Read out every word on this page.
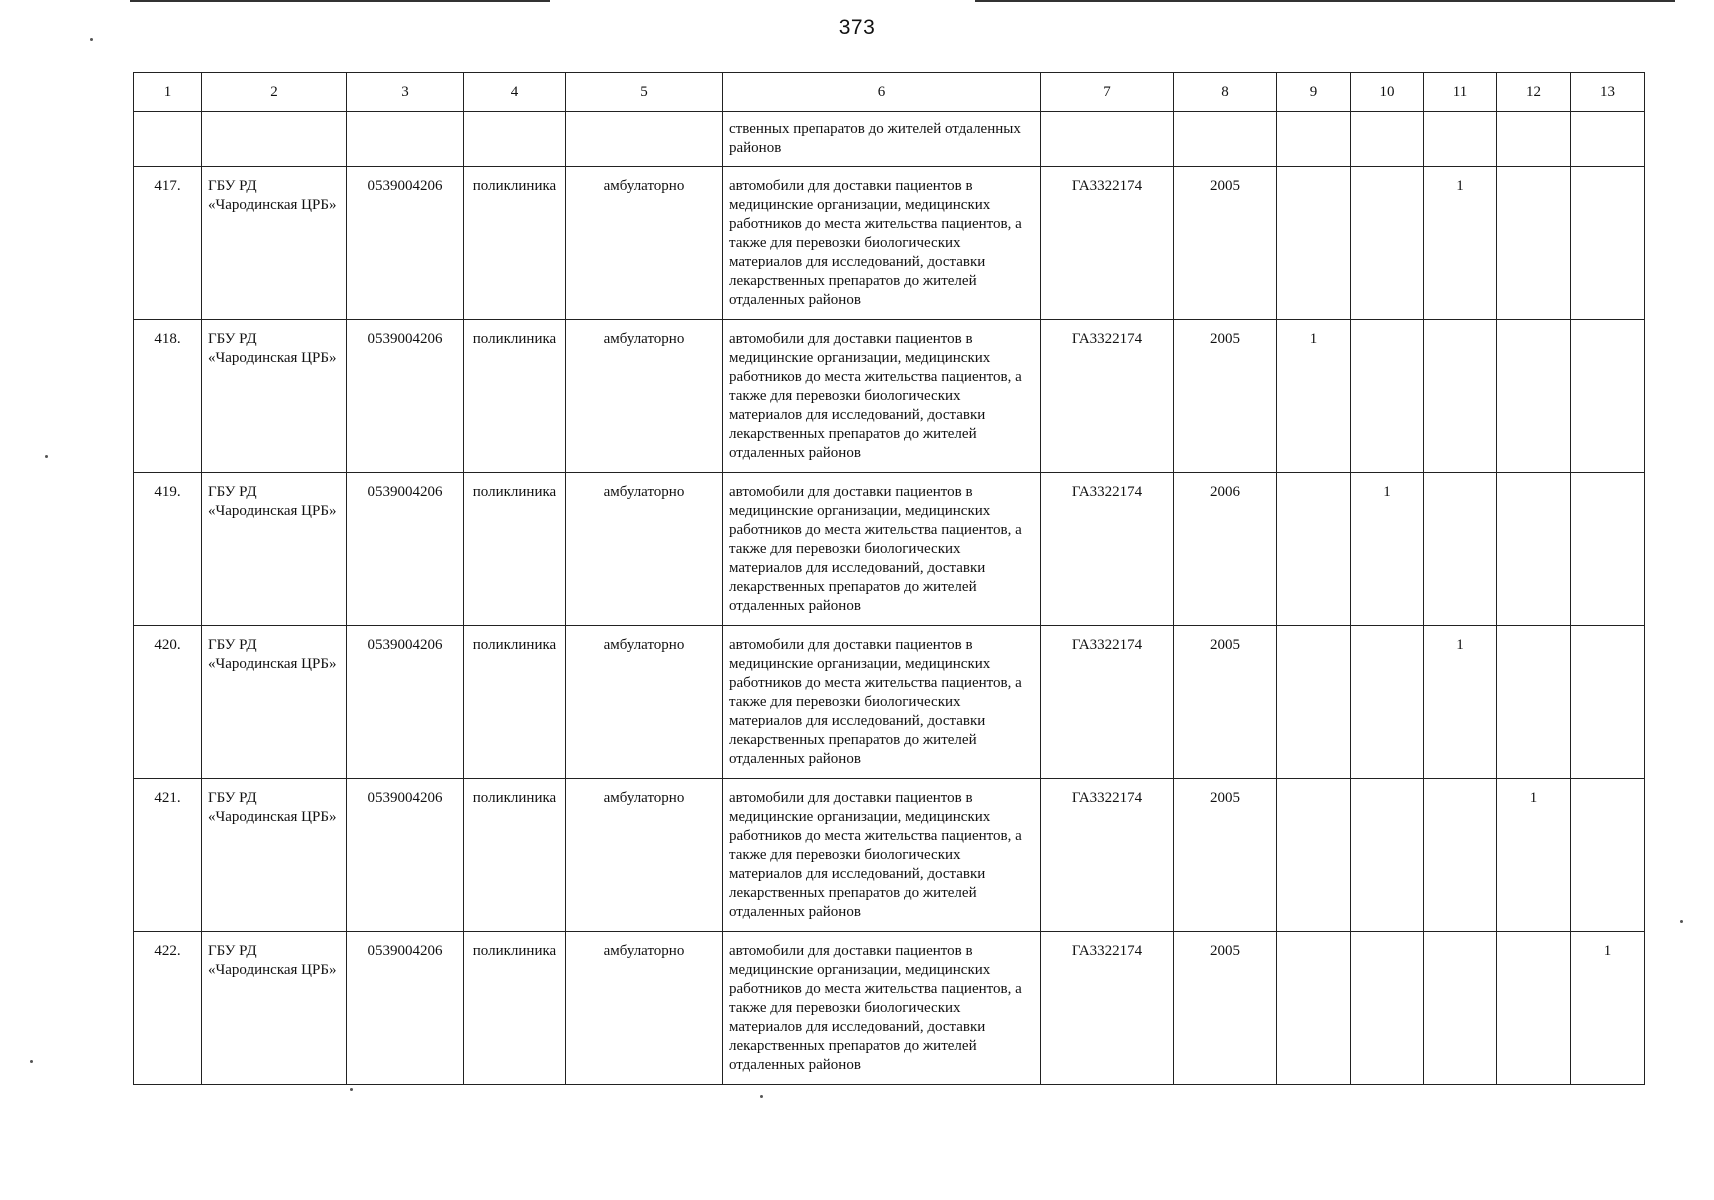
373
1	2	3	4	5	6	7	8	9	10	11	12	13
					ственных препаратов до жителей отдаленных районов							
417.	ГБУ РД «Чародинская ЦРБ»	0539004206	поликлиника	амбулаторно	автомобили для доставки пациентов в медицинские организации, медицинских работников до места жительства пациентов, а также для перевозки биологических материалов для исследований, доставки лекарственных препаратов до жителей отдаленных районов	ГА3322174	2005			1		
418.	ГБУ РД «Чародинская ЦРБ»	0539004206	поликлиника	амбулаторно	автомобили для доставки пациентов в медицинские организации, медицинских работников до места жительства пациентов, а также для перевозки биологических материалов для исследований, доставки лекарственных препаратов до жителей отдаленных районов	ГА3322174	2005	1				
419.	ГБУ РД «Чародинская ЦРБ»	0539004206	поликлиника	амбулаторно	автомобили для доставки пациентов в медицинские организации, медицинских работников до места жительства пациентов, а также для перевозки биологических материалов для исследований, доставки лекарственных препаратов до жителей отдаленных районов	ГА3322174	2006		1			
420.	ГБУ РД «Чародинская ЦРБ»	0539004206	поликлиника	амбулаторно	автомобили для доставки пациентов в медицинские организации, медицинских работников до места жительства пациентов, а также для перевозки биологических материалов для исследований, доставки лекарственных препаратов до жителей отдаленных районов	ГА3322174	2005			1		
421.	ГБУ РД «Чародинская ЦРБ»	0539004206	поликлиника	амбулаторно	автомобили для доставки пациентов в медицинские организации, медицинских работников до места жительства пациентов, а также для перевозки биологических материалов для исследований, доставки лекарственных препаратов до жителей отдаленных районов	ГА3322174	2005				1	
422.	ГБУ РД «Чародинская ЦРБ»	0539004206	поликлиника	амбулаторно	автомобили для доставки пациентов в медицинские организации, медицинских работников до места жительства пациентов, а также для перевозки биологических материалов для исследований, доставки лекарственных препаратов до жителей отдаленных районов	ГА3322174	2005					1
